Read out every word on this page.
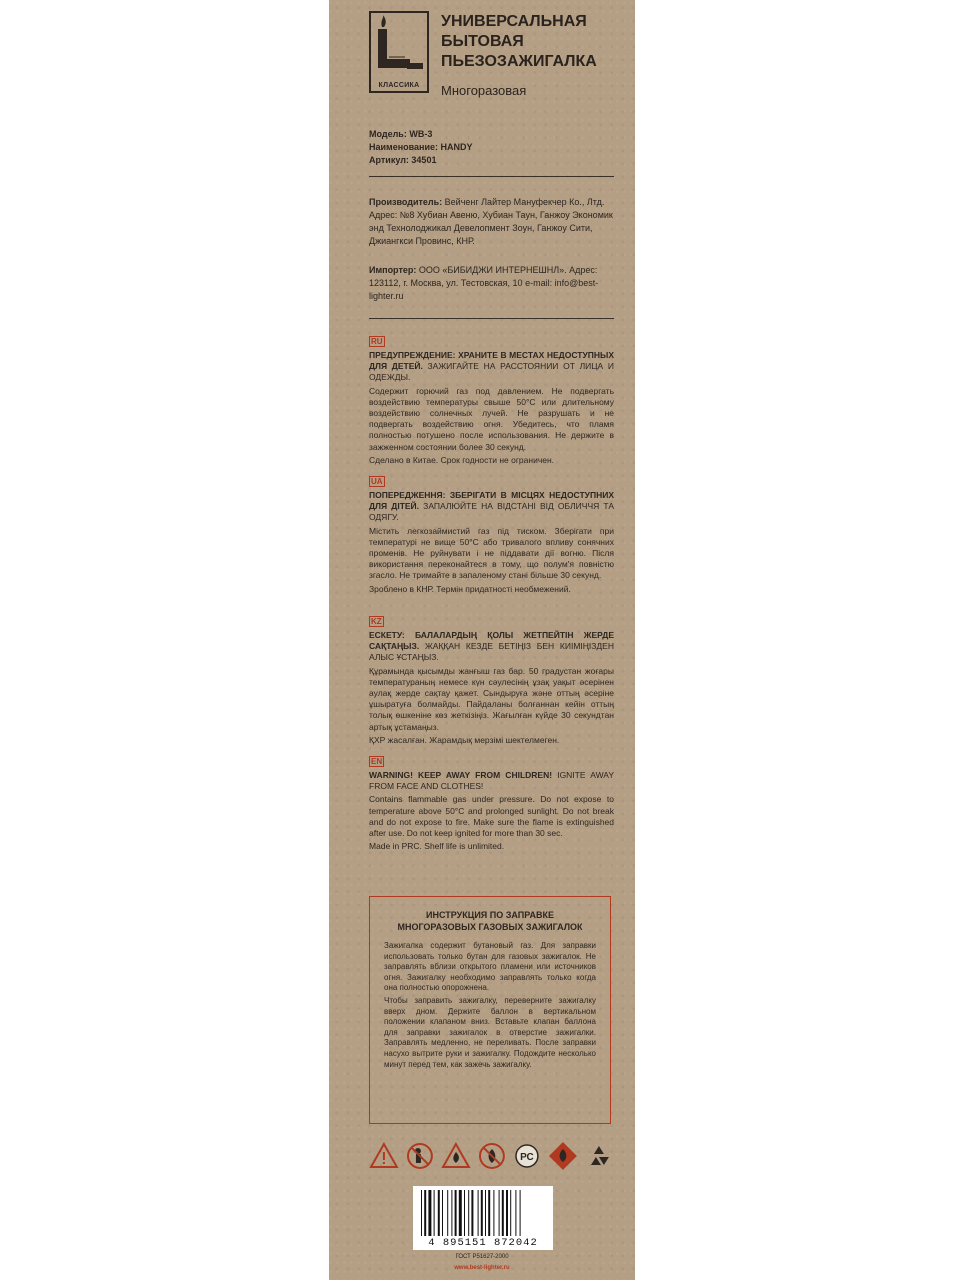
КЛАССИКА
УНИВЕРСАЛЬНАЯ
БЫТОВАЯ
ПЬЕЗОЗАЖИГАЛКА
Многоразовая
Модель: WB-3
Наименование: HANDY
Артикул: 34501
Производитель: Вейченг Лайтер Мануфекчер Ко., Лтд. Адрес: №8 Хубиан Авеню, Хубиан Таун, Ганжоу Экономик энд Технолоджикал Девелопмент Зоун, Ганжоу Сити, Джиангкси Провинс, КНР.
Импортер: ООО «БИБИДЖИ ИНТЕРНЕШНЛ». Адрес: 123112, г. Москва, ул. Тестовская, 10 e-mail: info@best-lighter.ru
RU

ПРЕДУПРЕЖДЕНИЕ: ХРАНИТЕ В МЕСТАХ НЕДОСТУПНЫХ ДЛЯ ДЕТЕЙ. ЗАЖИГАЙТЕ НА РАССТОЯНИИ ОТ ЛИЦА И ОДЕЖДЫ.

Содержит горючий газ под давлением. Не подвергать воздействию температуры свыше 50°C или длительному воздействию солнечных лучей. Не разрушать и не подвергать воздействию огня. Убедитесь, что пламя полностью потушено после использования. Не держите в зажженном состоянии более 30 секунд.

Сделано в Китае. Срок годности не ограничен.

UA

ПОПЕРЕДЖЕННЯ: ЗБЕРІГАТИ В МІСЦЯХ НЕДОСТУПНИХ ДЛЯ ДІТЕЙ. ЗАПАЛЮЙТЕ НА ВІДСТАНІ ВІД ОБЛИЧЧЯ ТА ОДЯГУ.

Містить легкозаймистий газ під тиском. Зберігати при температурі не вище 50°C або тривалого впливу сонячних променів. Не руйнувати і не піддавати дії вогню. Після використання переконайтеся в тому, що полум'я повністю згасло. Не тримайте в запаленому стані більше 30 секунд.

Зроблено в КНР. Термін придатності необмежений.

KZ

ЕСКЕТУ: БАЛАЛАРДЫҢ ҚОЛЫ ЖЕТПЕЙТІН ЖЕРДЕ САҚТАҢЫЗ. ЖАҚҚАН КЕЗДЕ БЕТІҢІЗ БЕН КИІМІҢІЗДЕН АЛЫС ҰСТАҢЫЗ.

Құрамында қысымды жанғыш газ бар. 50 градустан жоғары температураның немесе күн сәулесінің ұзақ уақыт әсерінен аулақ жерде сақтау қажет. Сындыруға және оттың әсеріне ұшыратуға болмайды. Пайдаланы болғаннан кейін оттың толық өшкеніне көз жеткізіңіз. Жағылған күйде 30 секундтан артық ұстамаңыз.

ҚХР жасалған. Жарамдық мерзімі шектелмеген.

EN

WARNING! KEEP AWAY FROM CHILDREN! IGNITE AWAY FROM FACE AND CLOTHES!

Contains flammable gas under pressure. Do not expose to temperature above 50°C and prolonged sunlight. Do not break and do not expose to fire. Make sure the flame is extinguished after use. Do not keep ignited for more than 30 sec.

Made in PRC. Shelf life is unlimited.

ИНСТРУКЦИЯ ПО ЗАПРАВКЕ
МНОГОРАЗОВЫХ ГАЗОВЫХ ЗАЖИГАЛОК

Зажигалка содержит бутановый газ. Для заправки использовать только бутан для газовых зажигалок. Не заправлять вблизи открытого пламени или источников огня. Зажигалку необходимо заправлять только когда она полностью опорожнена.

Чтобы заправить зажигалку, переверните зажигалку вверх дном. Держите баллон в вертикальном положении клапаном вниз. Вставьте клапан баллона для заправки зажигалок в отверстие зажигалки. Заправлять медленно, не переливать. После заправки насухо вытрите руки и зажигалку. Подождите несколько минут перед тем, как зажечь зажигалку.

РС
4 895151 872042
ГОСТ Р51627-2000
www.best-lighter.ru
